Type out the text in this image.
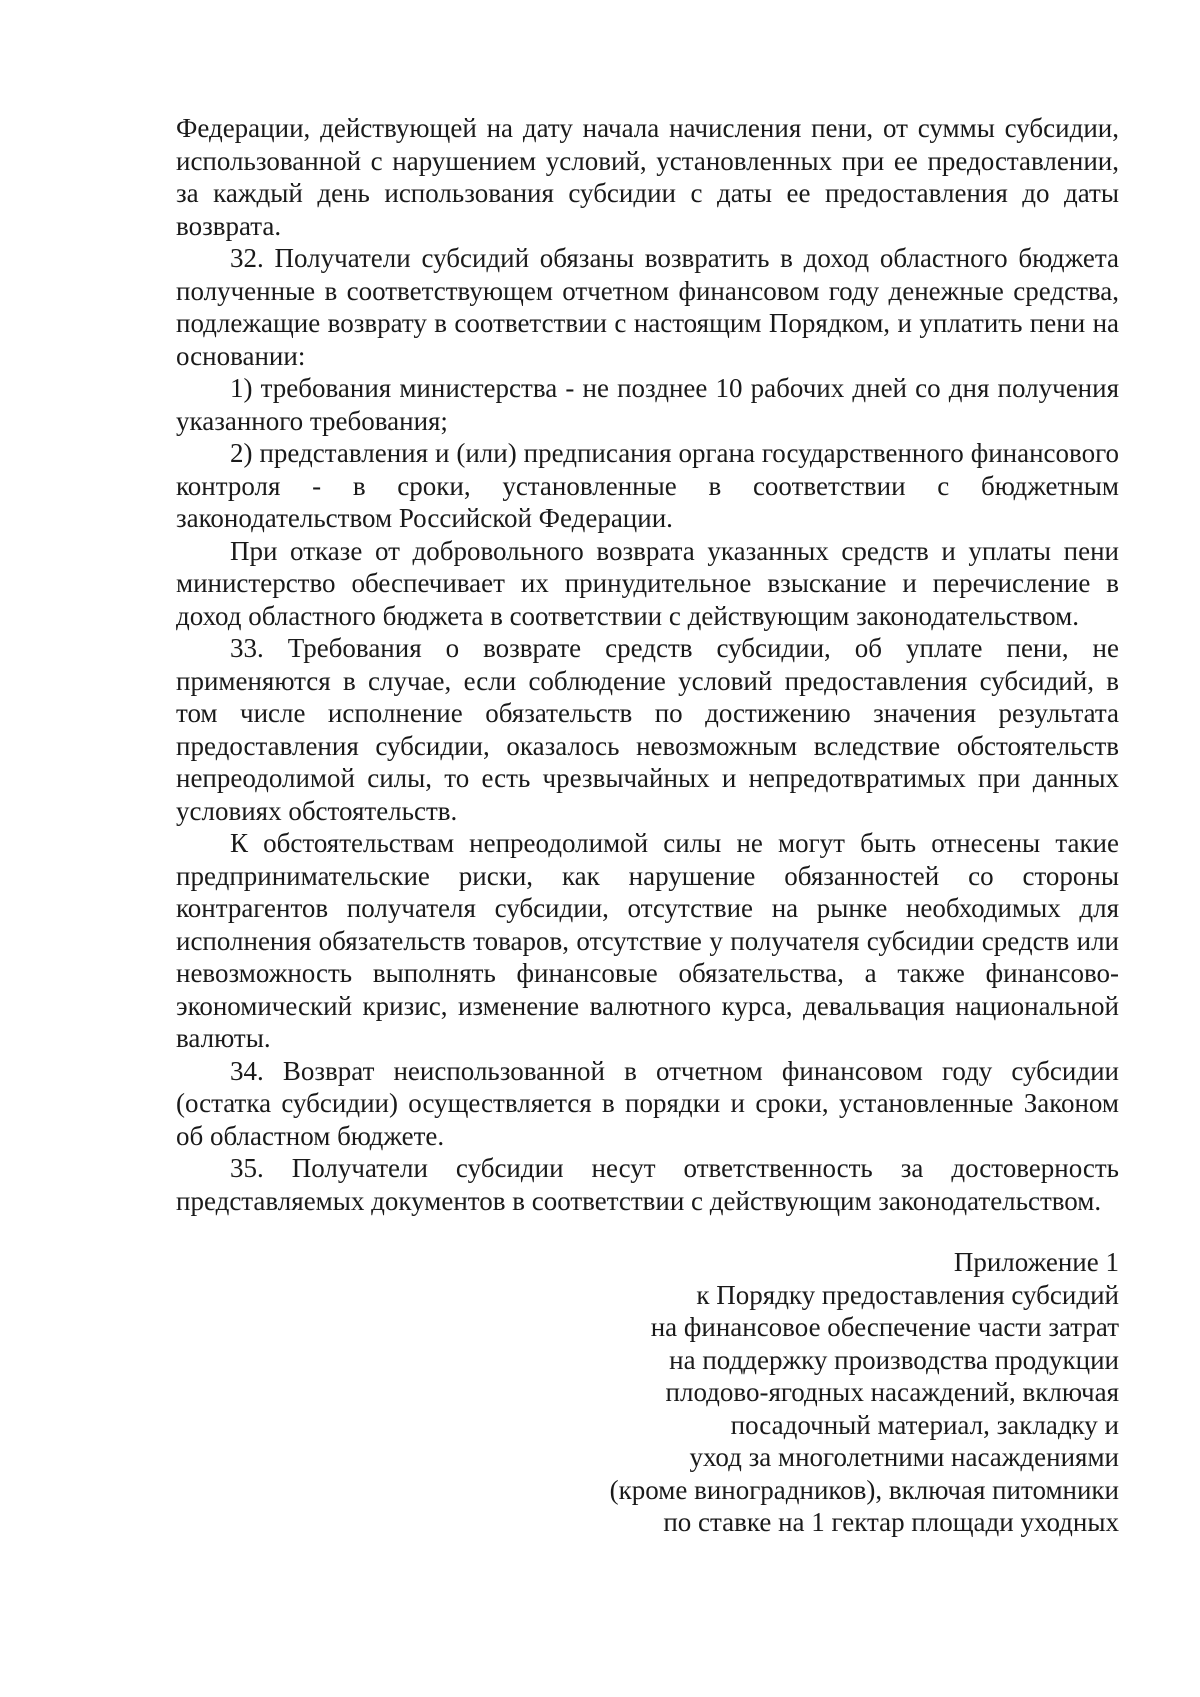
Федерации, действующей на дату начала начисления пени, от суммы субсидии, использованной с нарушением условий, установленных при ее предоставлении, за каждый день использования субсидии с даты ее предоставления до даты возврата.

32. Получатели субсидий обязаны возвратить в доход областного бюджета полученные в соответствующем отчетном финансовом году денежные средства, подлежащие возврату в соответствии с настоящим Порядком, и уплатить пени на основании:

1) требования министерства - не позднее 10 рабочих дней со дня получения указанного требования;

2) представления и (или) предписания органа государственного финансового контроля - в сроки, установленные в соответствии с бюджетным законодательством Российской Федерации.

При отказе от добровольного возврата указанных средств и уплаты пени министерство обеспечивает их принудительное взыскание и перечисление в доход областного бюджета в соответствии с действующим законодательством.

33. Требования о возврате средств субсидии, об уплате пени, не применяются в случае, если соблюдение условий предоставления субсидий, в том числе исполнение обязательств по достижению значения результата предоставления субсидии, оказалось невозможным вследствие обстоятельств непреодолимой силы, то есть чрезвычайных и непредотвратимых при данных условиях обстоятельств.

К обстоятельствам непреодолимой силы не могут быть отнесены такие предпринимательские риски, как нарушение обязанностей со стороны контрагентов получателя субсидии, отсутствие на рынке необходимых для исполнения обязательств товаров, отсутствие у получателя субсидии средств или невозможность выполнять финансовые обязательства, а также финансово-экономический кризис, изменение валютного курса, девальвация национальной валюты.

34. Возврат неиспользованной в отчетном финансовом году субсидии (остатка субсидии) осуществляется в порядки и сроки, установленные Законом об областном бюджете.

35. Получатели субсидии несут ответственность за достоверность представляемых документов в соответствии с действующим законодательством.

Приложение 1
к Порядку предоставления субсидий
на финансовое обеспечение части затрат
на поддержку производства продукции
плодово-ягодных насаждений, включая
посадочный материал, закладку и
уход за многолетними насаждениями
(кроме виноградников), включая питомники
по ставке на 1 гектар площади уходных
